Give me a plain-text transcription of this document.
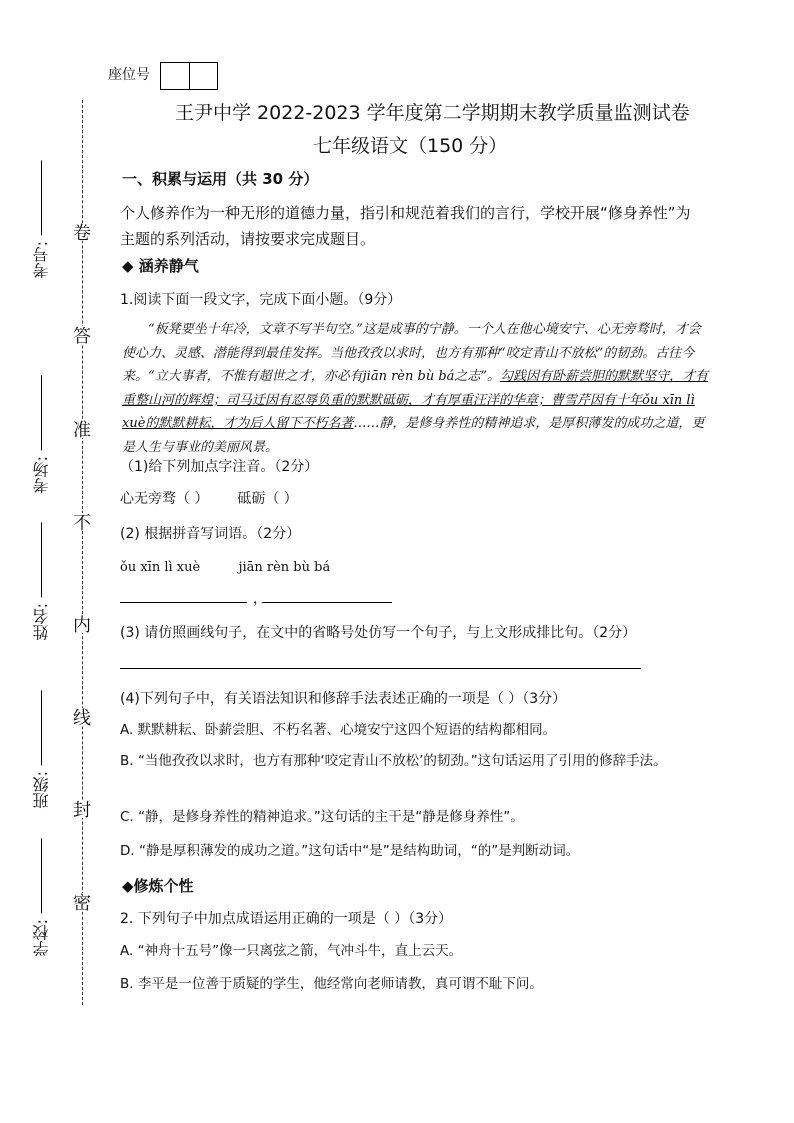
座位号
王尹中学 2022-2023 学年度第二学期期末教学质量监测试卷
七年级语文（150 分）
考号:
考场:
姓名:
班级:
学校:
卷
答
准
不
内
线
封
密
一、积累与运用（共 30 分）
个人修养作为一种无形的道德力量，指引和规范着我们的言行，学校开展“修身养性”为主题的系列活动，请按要求完成题目。
◆ 涵养静气
1.阅读下面一段文字，完成下面小题。（9分）
“板凳要坐十年冷，文章不写半句空。”这是成事的宁静。一个人在他心境安宁、心无旁骛时，才会使心力、灵感、潜能得到最佳发挥。当他孜孜以求时，也方有那种“咬定青山不放松”的韧劲。古往今来。“立大事者，不惟有超世之才，亦必有jiān rèn bù bá之志”。勾践因有卧薪尝胆的默默坚守，才有重整山河的辉煌；司马迁因有忍辱负重的默默砥砺，才有厚重汪洋的华章；曹雪芹因有十年ǒu xīn lì xuè的默默耕耘，才为后人留下不朽名著……静，是修身养性的精神追求，是厚积薄发的成功之道，更是人生与事业的美丽风景。
（1)给下列加点字注音。（2分）
心无旁骛（ ） 砥砺（ ）
(2) 根据拼音写词语。（2分）
ǒu xīn lì xuè	jiān rèn bù bá
，
(3) 请仿照画线句子，在文中的省略号处仿写一个句子，与上文形成排比句。（2分）
(4)下列句子中，有关语法知识和修辞手法表述正确的一项是（ ）（3分）
A. 默默耕耘、卧薪尝胆、不朽名著、心境安宁这四个短语的结构都相同。
B. “当他孜孜以求时，也方有那种‘咬定青山不放松’的韧劲。”这句话运用了引用的修辞手法。
C. “静，是修身养性的精神追求。”这句话的主干是“静是修身养性”。
D. “静是厚积薄发的成功之道。”这句话中“是”是结构助词，“的”是判断动词。
◆修炼个性
2. 下列句子中加点成语运用正确的一项是（ ）（3分）
A. “神舟十五号”像一只离弦之箭，气冲斗牛，直上云天。
B. 李平是一位善于质疑的学生，他经常向老师请教，真可谓不耻下问。
